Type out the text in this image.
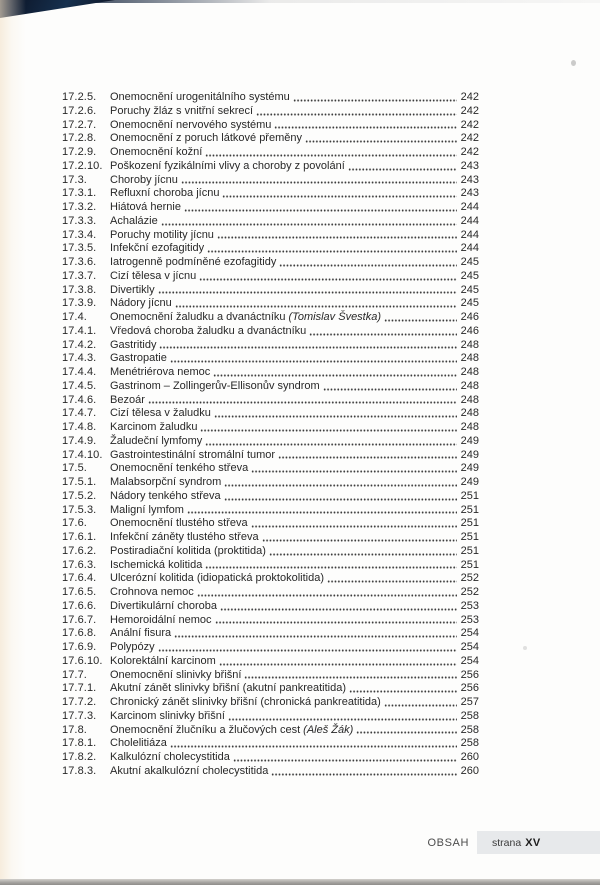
17.2.5.	Onemocnění urogenitálního systému	242
17.2.6.	Poruchy žláz s vnitřní sekrecí	242
17.2.7.	Onemocnění nervového systému	242
17.2.8.	Onemocnění z poruch látkové přeměny	242
17.2.9.	Onemocnění kožní	242
17.2.10. Poškození fyzikálními vlivy a choroby z povolání	243
17.3.	Choroby jícnu	243
17.3.1.	Refluxní choroba jícnu	243
17.3.2.	Hiátová hernie	244
17.3.3.	Achalázie	244
17.3.4.	Poruchy motility jícnu	244
17.3.5.	Infekční ezofagitidy	244
17.3.6.	Iatrogenně podmíněné ezofagitidy	245
17.3.7.	Cizí tělesa v jícnu	245
17.3.8.	Divertikly	245
17.3.9.	Nádory jícnu	245
17.4.	Onemocnění žaludku a dvanáctníku (Tomislav Švestka)	246
17.4.1.	Vředová choroba žaludku a dvanáctníku	246
17.4.2.	Gastritidy	248
17.4.3.	Gastropatie	248
17.4.4.	Menétriérova nemoc	248
17.4.5.	Gastrinom – Zollingerův-Ellisonův syndrom	248
17.4.6.	Bezoár	248
17.4.7.	Cizí tělesa v žaludku	248
17.4.8.	Karcinom žaludku	248
17.4.9.	Žaludeční lymfomy	249
17.4.10. Gastrointestinální stromální tumor	249
17.5.	Onemocnění tenkého střeva	249
17.5.1.	Malabsorpční syndrom	249
17.5.2.	Nádory tenkého střeva	251
17.5.3.	Maligní lymfom	251
17.6.	Onemocnění tlustého střeva	251
17.6.1.	Infekční záněty tlustého střeva	251
17.6.2.	Postiradiační kolitida (proktitida)	251
17.6.3.	Ischemická kolitida	251
17.6.4.	Ulcerózní kolitida (idiopatická proktokolitida)	252
17.6.5.	Crohnova nemoc	252
17.6.6.	Divertikulární choroba	253
17.6.7.	Hemoroidální nemoc	253
17.6.8.	Anální fisura	254
17.6.9.	Polypózy	254
17.6.10. Kolorektální karcinom	254
17.7.	Onemocnění slinivky břišní	256
17.7.1.	Akutní zánět slinivky břišní (akutní pankreatitida)	256
17.7.2.	Chronický zánět slinivky břišní (chronická pankreatitida)	257
17.7.3.	Karcinom slinivky břišní	258
17.8.	Onemocnění žlučníku a žlučových cest (Aleš Žák)	258
17.8.1.	Cholelitiáza	258
17.8.2.	Kalkulózní cholecystitida	260
17.8.3.	Akutní akalkulózní cholecystitida	260
OBSAH strana XV
